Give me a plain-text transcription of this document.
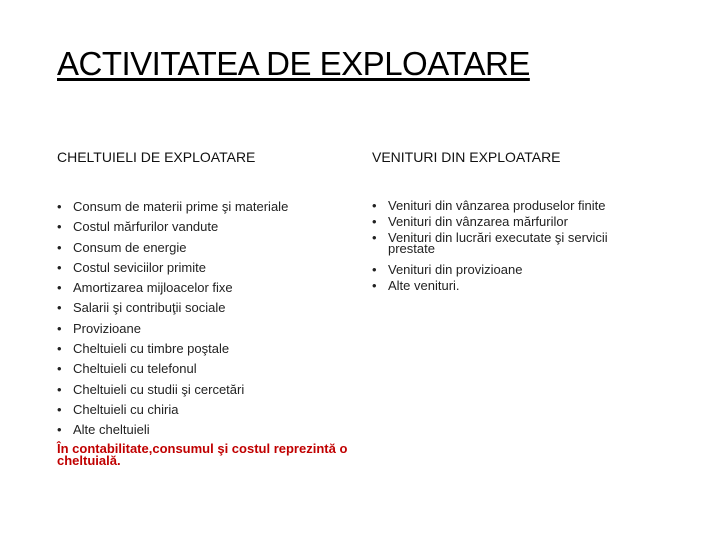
ACTIVITATEA DE EXPLOATARE
CHELTUIELI DE EXPLOATARE
• Consum de materii prime şi materiale
• Costul mărfurilor vandute
• Consum de energie
• Costul seviciilor primite
• Amortizarea mijloacelor fixe
• Salarii şi contribuţii sociale
• Provizioane
• Cheltuieli cu timbre poştale
• Cheltuieli cu telefonul
• Cheltuieli cu studii şi cercetări
• Cheltuieli cu chiria
• Alte cheltuieli
În contabilitate,consumul şi costul reprezintă o cheltuială.
VENITURI DIN EXPLOATARE
• Venituri din vânzarea produselor finite
• Venituri din vânzarea mărfurilor
• Venituri din lucrări executate şi servicii prestate
• Venituri din provizioane
• Alte venituri.
